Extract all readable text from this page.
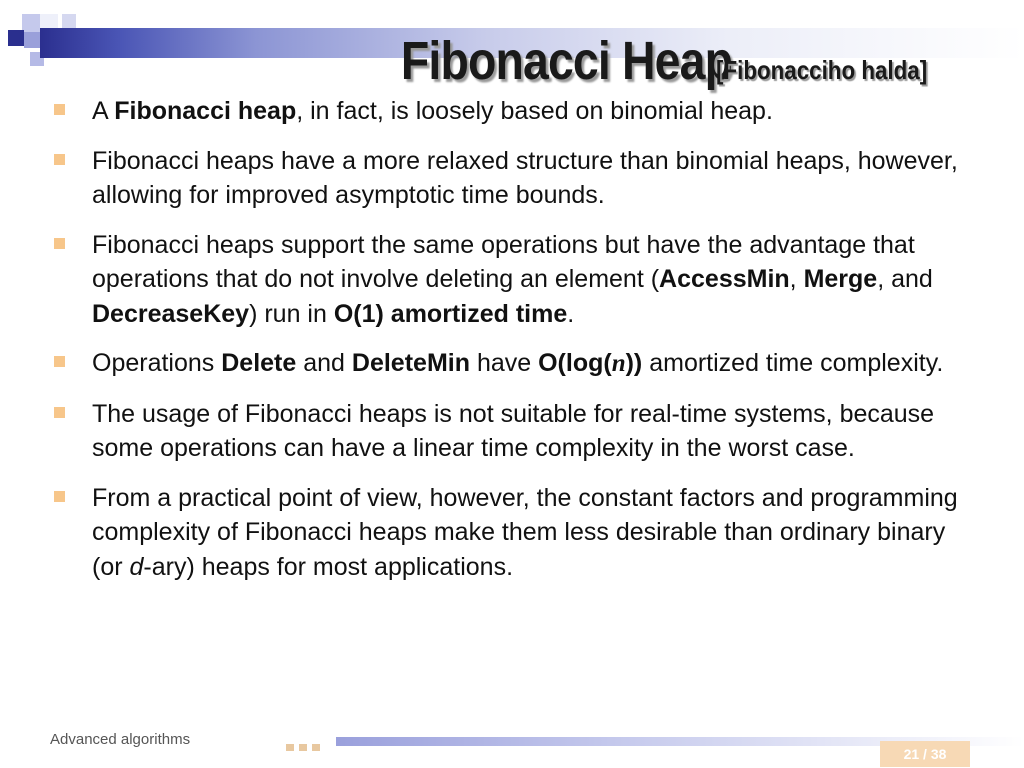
Fibonacci Heap [Fibonacciho halda]
A Fibonacci heap, in fact, is loosely based on binomial heap.
Fibonacci heaps have a more relaxed structure than binomial heaps, however, allowing for improved asymptotic time bounds.
Fibonacci heaps support the same operations but have the advantage that operations that do not involve deleting an element (AccessMin, Merge, and DecreaseKey) run in O(1) amortized time.
Operations Delete and DeleteMin have O(log(n)) amortized time complexity.
The usage of Fibonacci heaps is not suitable for real-time systems, because some operations can have a linear time complexity in the worst case.
From a practical point of view, however, the constant factors and programming complexity of Fibonacci heaps make them less desirable than ordinary binary (or d-ary) heaps for most applications.
Advanced algorithms
21 / 38
